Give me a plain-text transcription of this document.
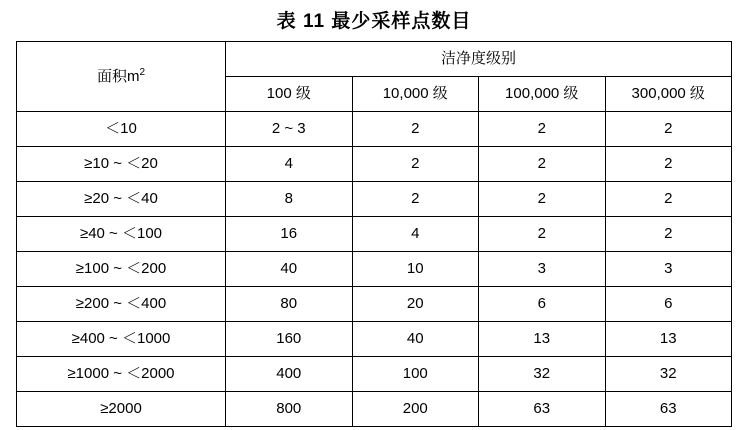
表 11 最少采样点数目
面积$m^2$	洁净度级别			
	100 级	10,000 级	100,000 级	300,000 级
＜10	2 ~ 3	2	2	2
≥10 ~ ＜20	4	2	2	2
≥20 ~ ＜40	8	2	2	2
≥40 ~ ＜100	16	4	2	2
≥100 ~ ＜200	40	10	3	3
≥200 ~ ＜400	80	20	6	6
≥400 ~ ＜1000	160	40	13	13
≥1000 ~ ＜2000	400	100	32	32
≥2000	800	200	63	63
